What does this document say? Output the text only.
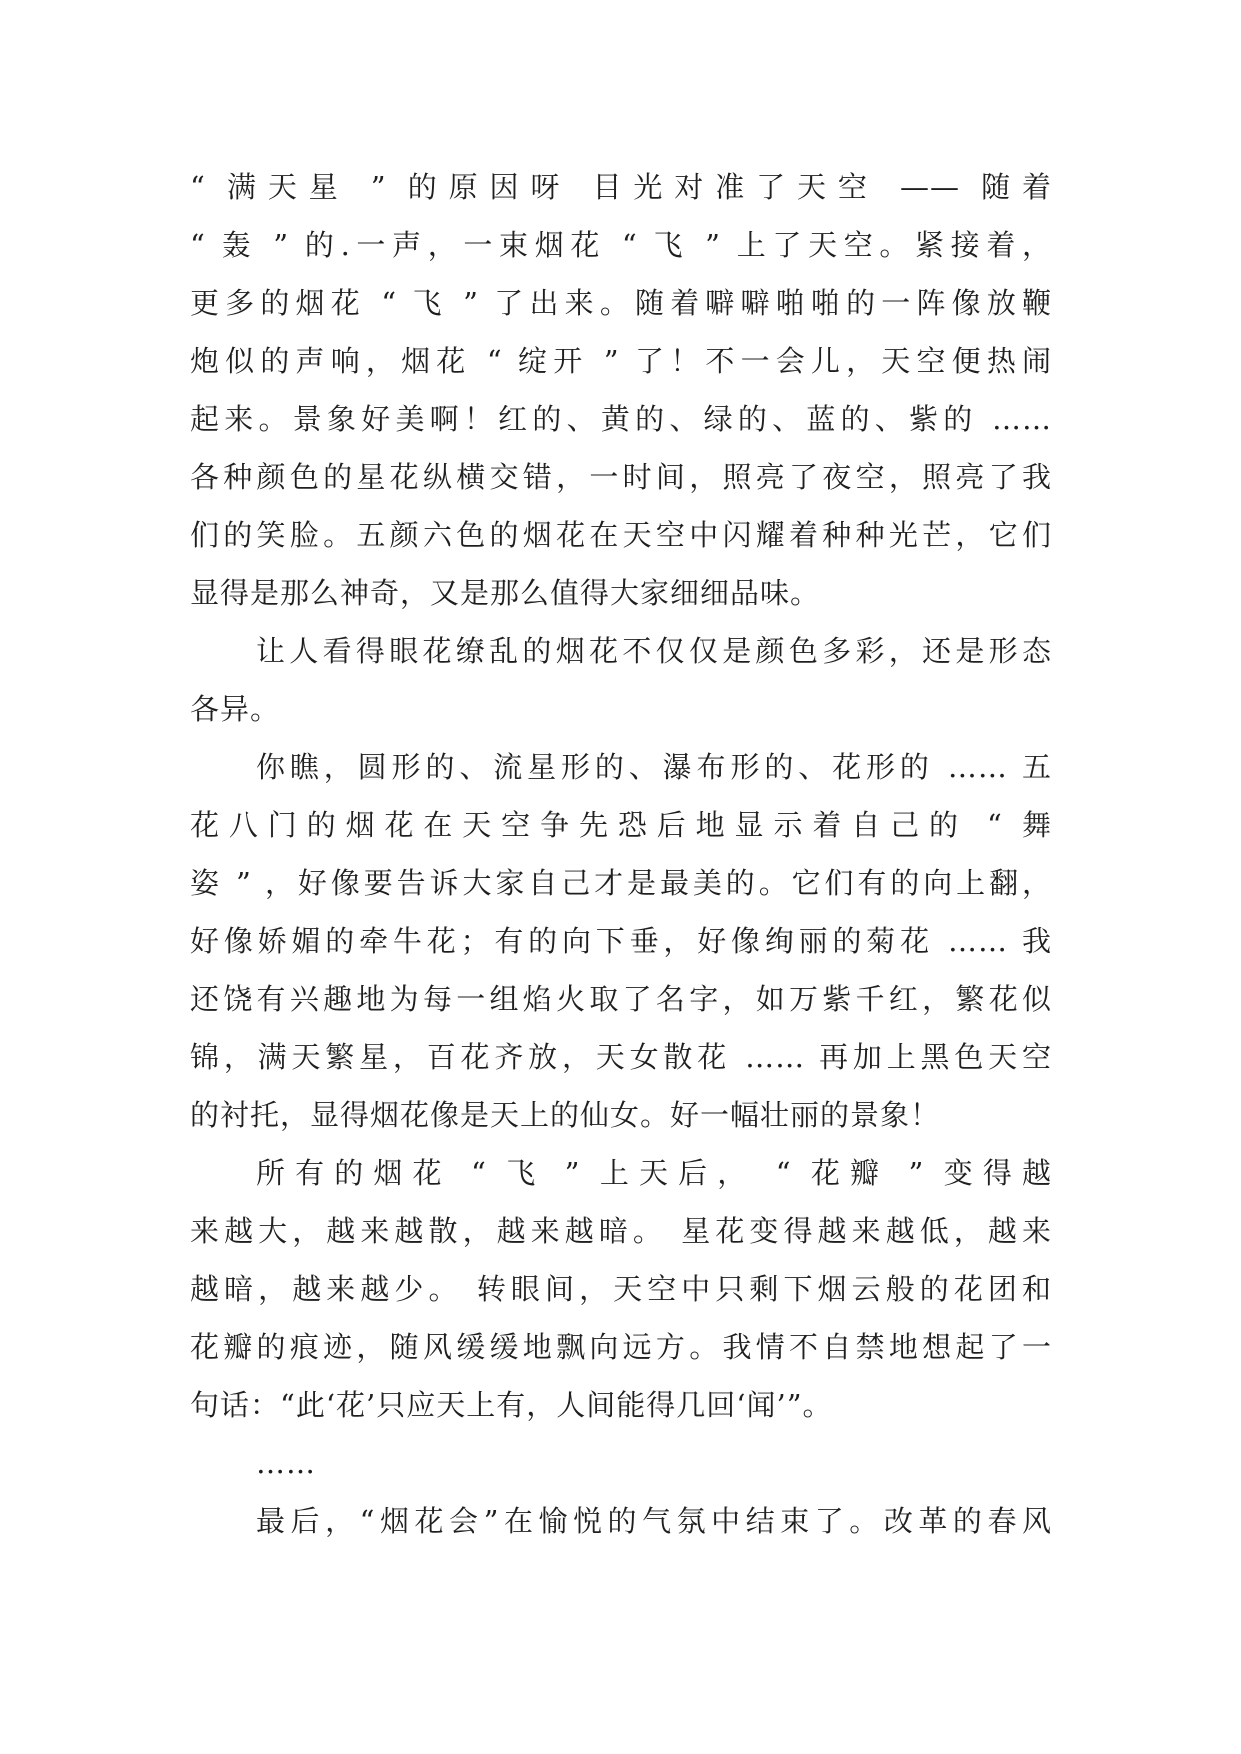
“ 满天星 ” 的原因呀 目光对准了天空 —— 随着
“ 轰 ” 的.一声，一束烟花 “ 飞 ” 上了天空。紧接着，
更多的烟花 “ 飞 ” 了出来。随着噼噼啪啪的一阵像放鞭
炮似的声响，烟花 “ 绽开 ” 了！不一会儿，天空便热闹
起来。景象好美啊！红的、黄的、绿的、蓝的、紫的 ……
各种颜色的星花纵横交错，一时间，照亮了夜空，照亮了我
们的笑脸。五颜六色的烟花在天空中闪耀着种种光芒，它们
显得是那么神奇，又是那么值得大家细细品味。
让人看得眼花缭乱的烟花不仅仅是颜色多彩，还是形态
各异。
你瞧，圆形的、流星形的、瀑布形的、花形的 …… 五
花八门的烟花在天空争先恐后地显示着自己的 “ 舞
姿 ” ，好像要告诉大家自己才是最美的。它们有的向上翻，
好像娇媚的牵牛花；有的向下垂，好像绚丽的菊花 …… 我
还饶有兴趣地为每一组焰火取了名字，如万紫千红，繁花似
锦，满天繁星，百花齐放，天女散花 …… 再加上黑色天空
的衬托，显得烟花像是天上的仙女。好一幅壮丽的景象！
所有的烟花 “ 飞 ” 上天后， “ 花瓣 ” 变得越
来越大，越来越散，越来越暗。 星花变得越来越低，越来
越暗，越来越少。 转眼间，天空中只剩下烟云般的花团和
花瓣的痕迹，随风缓缓地飘向远方。我情不自禁地想起了一
句话：“此‘花’只应天上有，人间能得几回‘闻’”。
……
最后，“烟花会”在愉悦的气氛中结束了。改革的春风
